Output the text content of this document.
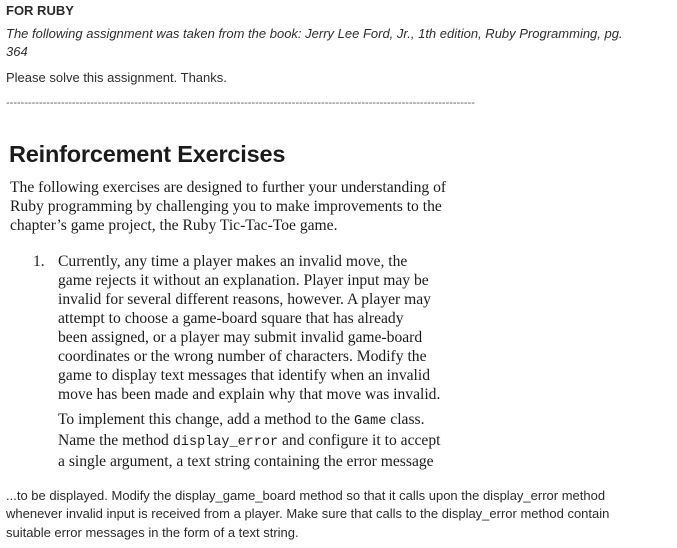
FOR RUBY
The following assignment was taken from the book: Jerry Lee Ford, Jr., 1th edition, Ruby Programming, pg.
364
Please solve this assignment. Thanks.
--------------------------------------------------------------------------------------------------------------------------------
Reinforcement Exercises
The following exercises are designed to further your understanding of
Ruby programming by challenging you to make improvements to the
chapter’s game project, the Ruby Tic-Tac-Toe game.
1. Currently, any time a player makes an invalid move, the
game rejects it without an explanation. Player input may be
invalid for several different reasons, however. A player may
attempt to choose a game-board square that has already
been assigned, or a player may submit invalid game-board
coordinates or the wrong number of characters. Modify the
game to display text messages that identify when an invalid
move has been made and explain why that move was invalid.
To implement this change, add a method to the Game class.
Name the method display_error and configure it to accept
a single argument, a text string containing the error message
...to be displayed. Modify the display_game_board method so that it calls upon the display_error method
whenever invalid input is received from a player. Make sure that calls to the display_error method contain
suitable error messages in the form of a text string.
